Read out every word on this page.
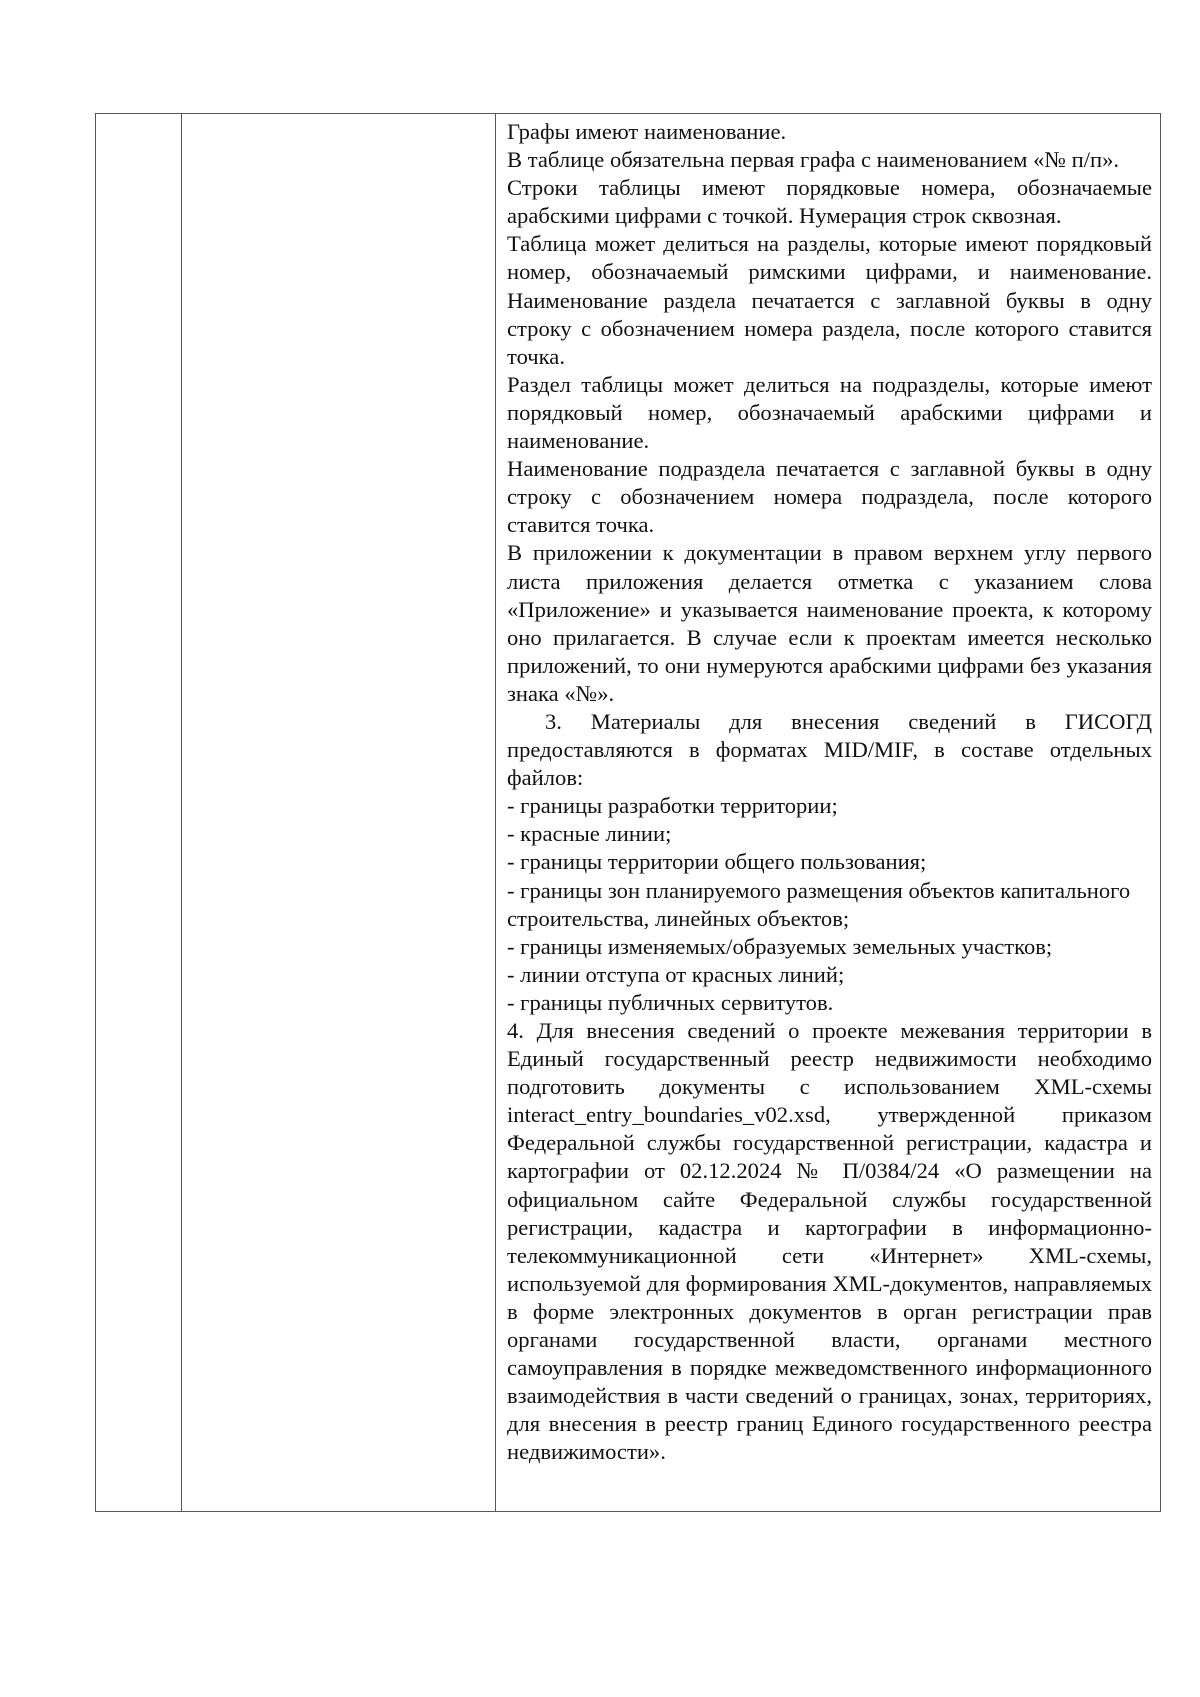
Графы имеют наименование.

В таблице обязательна первая графа с наименованием «№ п/п».

Строки таблицы имеют порядковые номера, обозначаемые арабскими цифрами с точкой. Нумерация строк сквозная.

Таблица может делиться на разделы, которые имеют порядковый номер, обозначаемый римскими цифрами, и наименование. Наименование раздела печатается с заглавной буквы в одну строку с обозначением номера раздела, после которого ставится точка.

Раздел таблицы может делиться на подразделы, которые имеют порядковый номер, обозначаемый арабскими цифрами и наименование.

Наименование подраздела печатается с заглавной буквы в одну строку с обозначением номера подраздела, после которого ставится точка.

В приложении к документации в правом верхнем углу первого листа приложения делается отметка с указанием слова «Приложение» и указывается наименование проекта, к которому оно прилагается. В случае если к проектам имеется несколько приложений, то они нумеруются арабскими цифрами без указания знака «№».

3. Материалы для внесения сведений в ГИСОГД предоставляются в форматах MID/MIF, в составе отдельных файлов:

- границы разработки территории;

- красные линии;

- границы территории общего пользования;

- границы зон планируемого размещения объектов капитального строительства, линейных объектов;

- границы изменяемых/образуемых земельных участков;

- линии отступа от красных линий;

- границы публичных сервитутов.

4. Для внесения сведений о проекте межевания территории в Единый государственный реестр недвижимости необходимо подготовить документы с использованием XML-схемы interact_entry_boundaries_v02.xsd, утвержденной приказом Федеральной службы государственной регистрации, кадастра и картографии от 02.12.2024 № П/0384/24 «О размещении на официальном сайте Федеральной службы государственной регистрации, кадастра и картографии в информационно-телекоммуникационной сети «Интернет» XML-схемы, используемой для формирования XML-документов, направляемых в форме электронных документов в орган регистрации прав органами государственной власти, органами местного самоуправления в порядке межведомственного информационного взаимодействия в части сведений о границах, зонах, территориях, для внесения в реестр границ Единого государственного реестра недвижимости».
